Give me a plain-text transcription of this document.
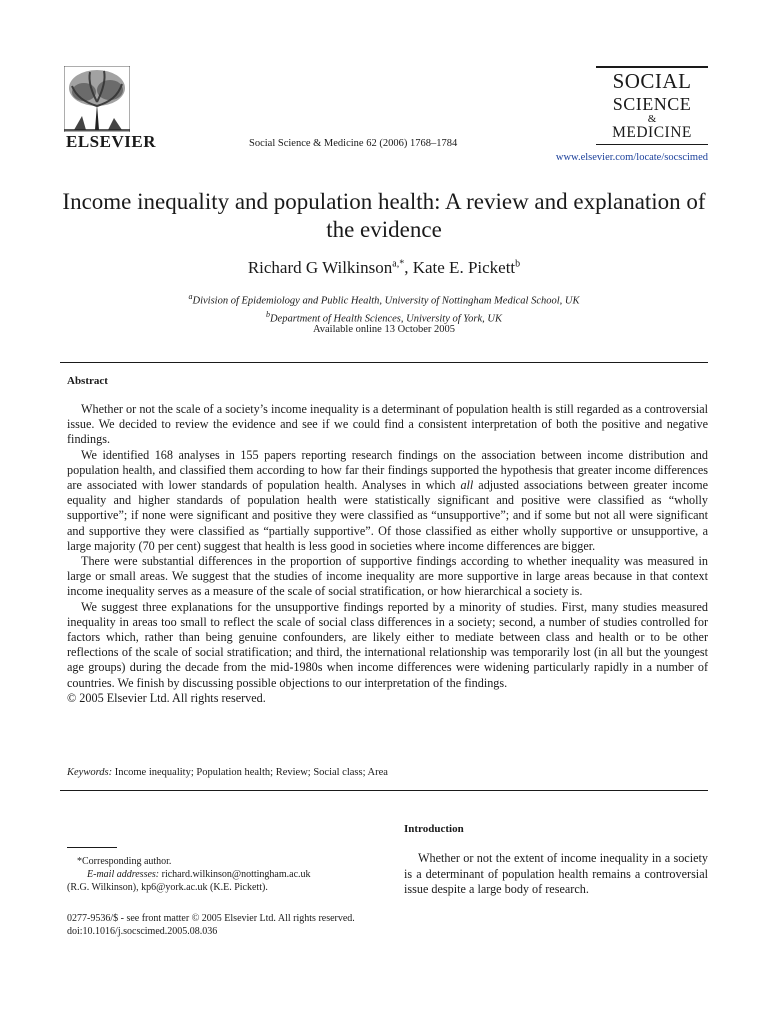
ELSEVIER	Social Science & Medicine 62 (2006) 1768–1784
SOCIAL
SCIENCE
&
MEDICINE
www.elsevier.com/locate/socscimed
Income inequality and population health: A review and explanation of the evidence
Richard G Wilkinson$^{a,*}$, Kate E. Pickett$^b$
$^a$Division of Epidemiology and Public Health, University of Nottingham Medical School, UK
$^b$Department of Health Sciences, University of York, UK
Available online 13 October 2005
Abstract

Whether or not the scale of a society’s income inequality is a determinant of population health is still regarded as a controversial issue. We decided to review the evidence and see if we could find a consistent interpretation of both the positive and negative findings.

We identified 168 analyses in 155 papers reporting research findings on the association between income distribution and population health, and classified them according to how far their findings supported the hypothesis that greater income differences are associated with lower standards of population health. Analyses in which all adjusted associations between greater income equality and higher standards of population health were statistically significant and positive were classified as “wholly supportive”; if none were significant and positive they were classified as “unsupportive”; and if some but not all were significant and supportive they were classified as “partially supportive”. Of those classified as either wholly supportive or unsupportive, a large majority (70 per cent) suggest that health is less good in societies where income differences are bigger.

There were substantial differences in the proportion of supportive findings according to whether inequality was measured in large or small areas. We suggest that the studies of income inequality are more supportive in large areas because in that context income inequality serves as a measure of the scale of social stratification, or how hierarchical a society is.

We suggest three explanations for the unsupportive findings reported by a minority of studies. First, many studies measured inequality in areas too small to reflect the scale of social class differences in a society; second, a number of studies controlled for factors which, rather than being genuine confounders, are likely either to mediate between class and health or to be other reflections of the scale of social stratification; and third, the international relationship was temporarily lost (in all but the youngest age groups) during the decade from the mid-1980s when income differences were widening particularly rapidly in a number of countries. We finish by discussing possible objections to our interpretation of the findings.

© 2005 Elsevier Ltd. All rights reserved.

Keywords: Income inequality; Population health; Review; Social class; Area
Introduction

Whether or not the extent of income inequality in a society is a determinant of population health remains a controversial issue despite a large body of research.

*Corresponding author.
E-mail addresses: richard.wilkinson@nottingham.ac.uk
(R.G. Wilkinson), kp6@york.ac.uk (K.E. Pickett).
0277-9536/$ - see front matter © 2005 Elsevier Ltd. All rights reserved.
doi:10.1016/j.socscimed.2005.08.036
